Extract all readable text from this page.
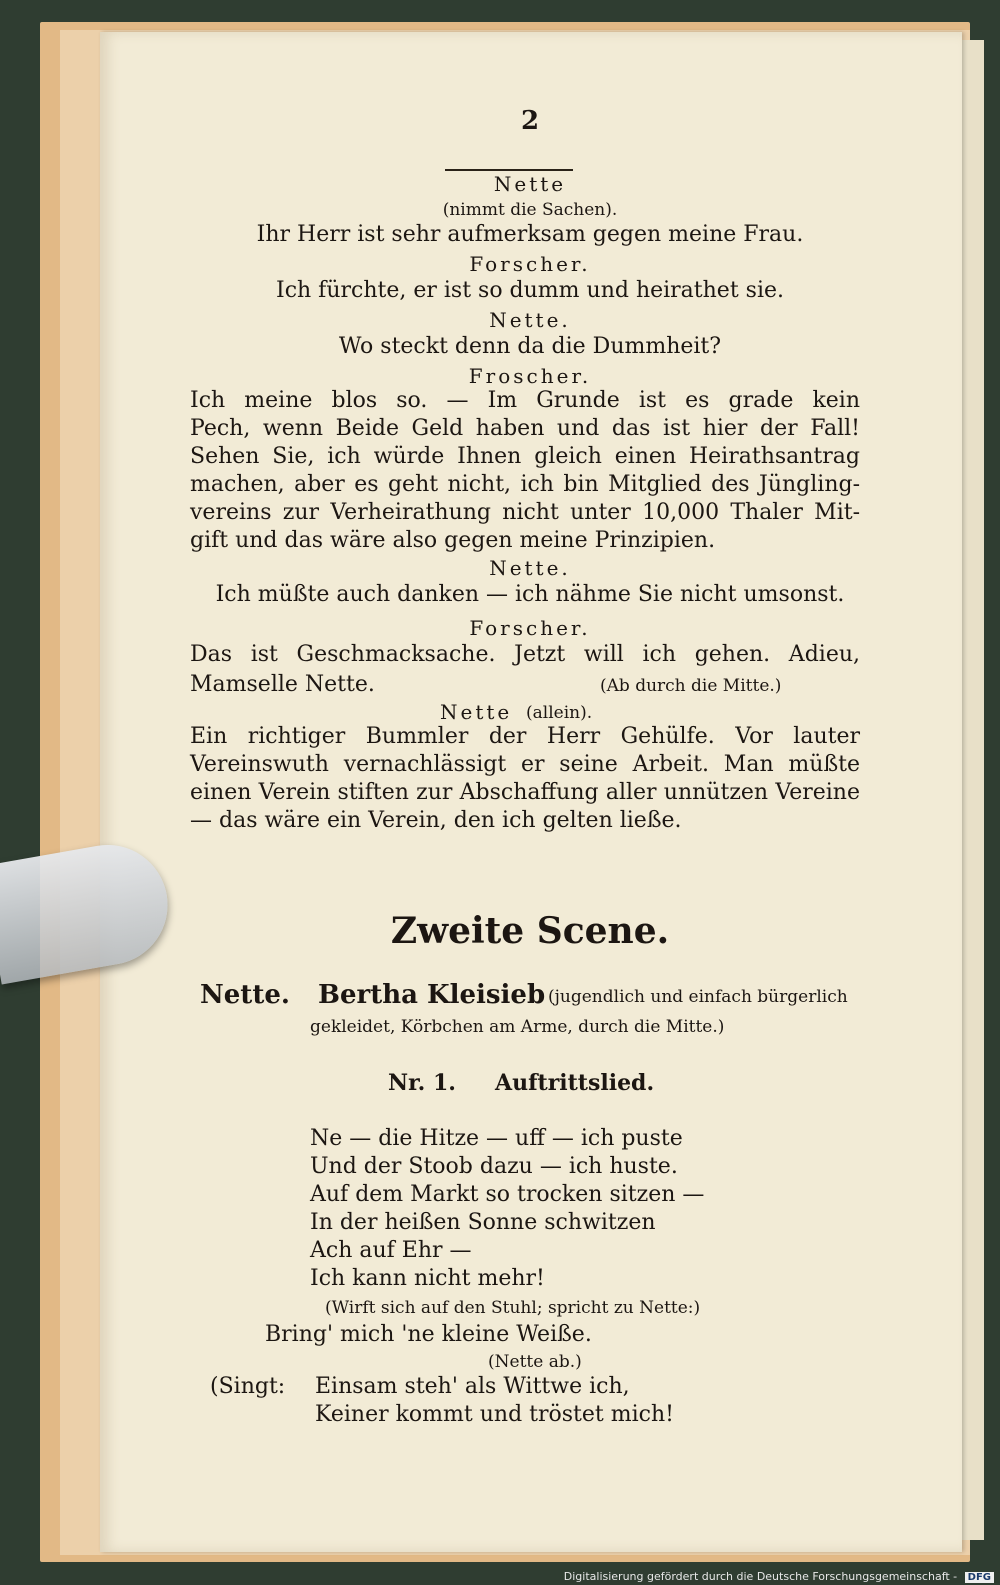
2
Nette
(nimmt die Sachen).
Ihr Herr ist sehr aufmerksam gegen meine Frau.
Forscher.
Ich fürchte, er ist so dumm und heirathet sie.
Nette.
Wo steckt denn da die Dummheit?
Froscher.
Ich meine blos so. — Im Grunde ist es grade kein
Pech, wenn Beide Geld haben und das ist hier der Fall!
Sehen Sie, ich würde Ihnen gleich einen Heirathsantrag
machen, aber es geht nicht, ich bin Mitglied des Jüngling-
vereins zur Verheirathung nicht unter 10,000 Thaler Mit-
gift und das wäre also gegen meine Prinzipien.
Nette.
Ich müßte auch danken — ich nähme Sie nicht umsonst.
Forscher.
Das ist Geschmacksache. Jetzt will ich gehen. Adieu,
Mamselle Nette.	(Ab durch die Mitte.)
Nette (allein).
Ein richtiger Bummler der Herr Gehülfe. Vor lauter
Vereinswuth vernachlässigt er seine Arbeit. Man müßte
einen Verein stiften zur Abschaffung aller unnützen Vereine
— das wäre ein Verein, den ich gelten ließe.
Zweite Scene.
Nette. Bertha Kleisieb (jugendlich und einfach bürgerlich
gekleidet, Körbchen am Arme, durch die Mitte.)
Nr. 1. Auftrittslied.
Ne — die Hitze — uff — ich puste
Und der Stoob dazu — ich huste.
Auf dem Markt so trocken sitzen —
In der heißen Sonne schwitzen
Ach auf Ehr —
Ich kann nicht mehr!
(Wirft sich auf den Stuhl; spricht zu Nette:)
Bring' mich 'ne kleine Weiße.
(Nette ab.)
(Singt: Einsam steh' als Wittwe ich,
Keiner kommt und tröstet mich!
Digitalisierung gefördert durch die Deutsche Forschungsgemeinschaft - DFG
